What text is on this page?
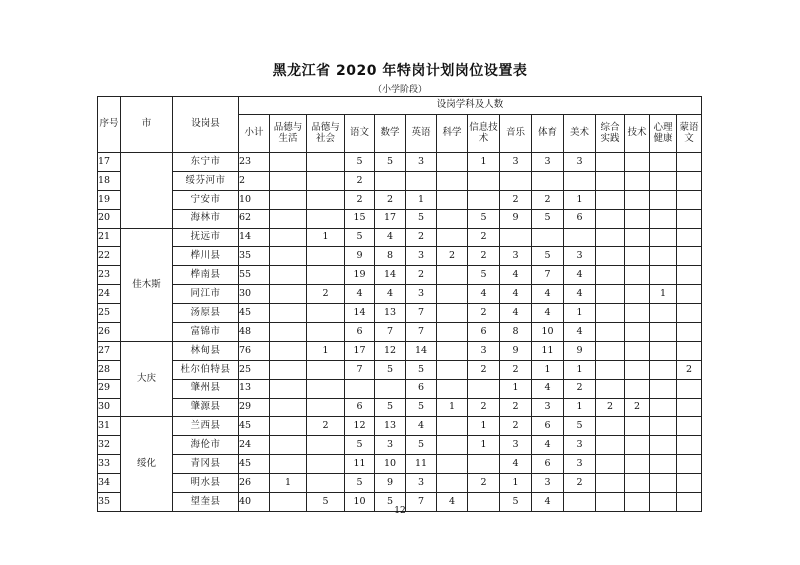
黑龙江省 2020 年特岗计划岗位设置表
（小学阶段）
序号	市	设岗县	设岗学科及人数														
			小计	品德与生活	品德与社会	语文	数学	英语	科学	信息技术	音乐	体育	美术	综合实践	技术	心理健康	蒙语文
17		东宁市	23			5	5	3		1	3	3	3				
18		绥芬河市	2			2											
19		宁安市	10			2	2	1			2	2	1				
20		海林市	62			15	17	5		5	9	5	6				
21	佳木斯	抚远市	14		1	5	4	2		2							
22		桦川县	35			9	8	3	2	2	3	5	3				
23		桦南县	55			19	14	2		5	4	7	4				
24		同江市	30		2	4	4	3		4	4	4	4			1	
25		汤原县	45			14	13	7		2	4	4	1				
26		富锦市	48			6	7	7		6	8	10	4				
27	大庆	林甸县	76		1	17	12	14		3	9	11	9				
28		杜尔伯特县	25			7	5	5		2	2	1	1				2
29		肇州县	13					6			1	4	2				
30		肇源县	29			6	5	5	1	2	2	3	1	2	2		
31	绥化	兰西县	45		2	12	13	4		1	2	6	5				
32		海伦市	24			5	3	5		1	3	4	3				
33		青冈县	45			11	10	11			4	6	3				
34		明水县	26	1		5	9	3		2	1	3	2				
35		望奎县	40		5	10	5	7	4		5	4					
12
